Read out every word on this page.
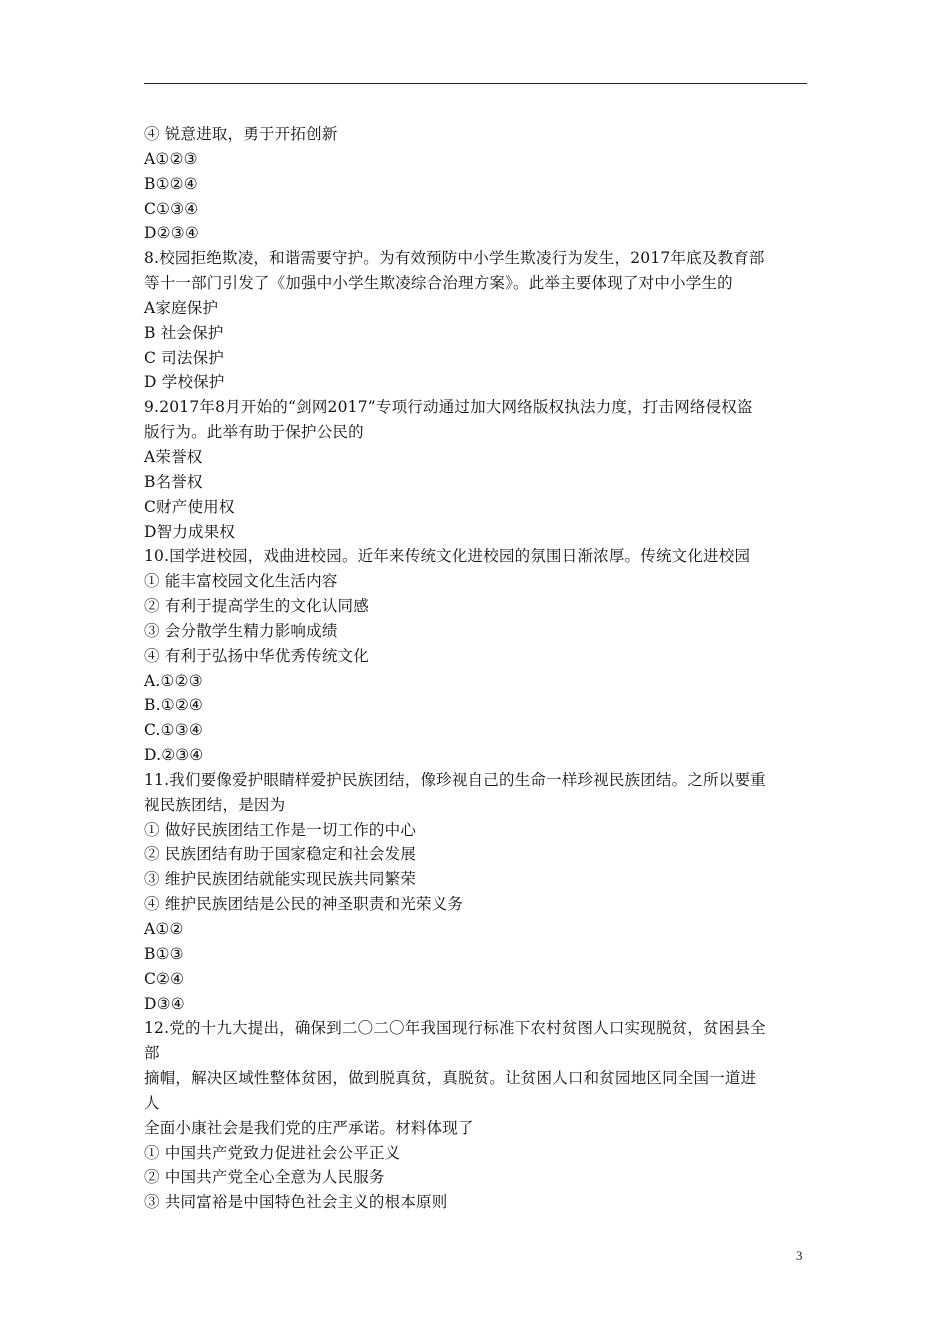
④ 锐意进取，勇于开拓创新
A①②③
B①②④
C①③④
D②③④
8.校园拒绝欺凌，和谐需要守护。为有效预防中小学生欺凌行为发生，2017年底及教育部
等十一部门引发了《加强中小学生欺凌综合治理方案》。此举主要体现了对中小学生的
A家庭保护
B 社会保护
C 司法保护
D 学校保护
9.2017年8月开始的“剑网2017”专项行动通过加大网络版权执法力度，打击网络侵权盗
版行为。此举有助于保护公民的
A荣誉权
B名誉权
C财产使用权
D智力成果权
10.国学进校园，戏曲进校园。近年来传统文化进校园的氛围日渐浓厚。传统文化进校园
① 能丰富校园文化生活内容
② 有利于提高学生的文化认同感
③ 会分散学生精力影响成绩
④ 有利于弘扬中华优秀传统文化
A.①②③
B.①②④
C.①③④
D.②③④
11.我们要像爱护眼睛样爱护民族团结，像珍视自己的生命一样珍视民族团结。之所以要重
视民族团结，是因为
① 做好民族团结工作是一切工作的中心
② 民族团结有助于国家稳定和社会发展
③ 维护民族团结就能实现民族共同繁荣
④ 维护民族团结是公民的神圣职责和光荣义务
A①②
B①③
C②④
D③④
12.党的十九大提出，确保到二〇二〇年我国现行标准下农村贫图人口实现脱贫，贫困县全
部
摘帽，解决区域性整体贫困，做到脱真贫，真脱贫。让贫困人口和贫园地区同全国一道进
人
全面小康社会是我们党的庄严承诺。材料体现了
① 中国共产党致力促进社会公平正义
② 中国共产党全心全意为人民服务
③ 共同富裕是中国特色社会主义的根本原则
3
